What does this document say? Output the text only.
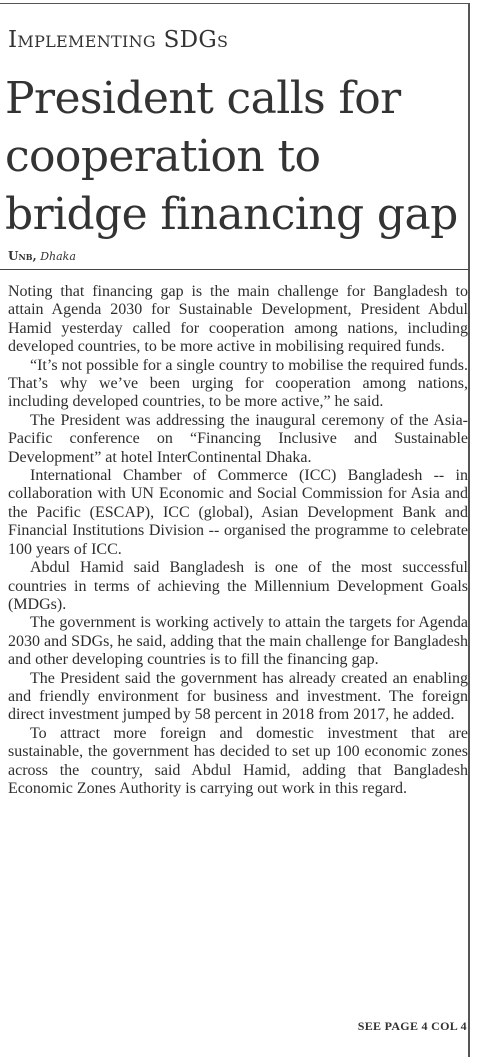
Implementing SDGs
President calls for cooperation to bridge financing gap
Unb, Dhaka

Noting that financing gap is the main challenge for Bangladesh to attain Agenda 2030 for Sustainable Development, President Abdul Hamid yesterday called for cooperation among nations, including developed countries, to be more active in mobilising required funds.

“It’s not possible for a single country to mobilise the required funds. That’s why we’ve been urging for cooperation among nations, including developed countries, to be more active,” he said.

The President was addressing the inaugural ceremony of the Asia-Pacific conference on “Financing Inclusive and Sustainable Development” at hotel InterContinental Dhaka.

International Chamber of Commerce (ICC) Bangladesh -- in collaboration with UN Economic and Social Commission for Asia and the Pacific (ESCAP), ICC (global), Asian Development Bank and Financial Institutions Division -- organised the programme to celebrate 100 years of ICC.

Abdul Hamid said Bangladesh is one of the most successful countries in terms of achieving the Millennium Development Goals (MDGs).

The government is working actively to attain the targets for Agenda 2030 and SDGs, he said, adding that the main challenge for Bangladesh and other developing countries is to fill the financing gap.

The President said the government has already created an enabling and friendly environment for business and investment. The foreign direct investment jumped by 58 percent in 2018 from 2017, he added.

To attract more foreign and domestic investment that are sustainable, the government has decided to set up 100 economic zones across the country, said Abdul Hamid, adding that Bangladesh Economic Zones Authority is carrying out work in this regard.

SEE PAGE 4 COL 4
